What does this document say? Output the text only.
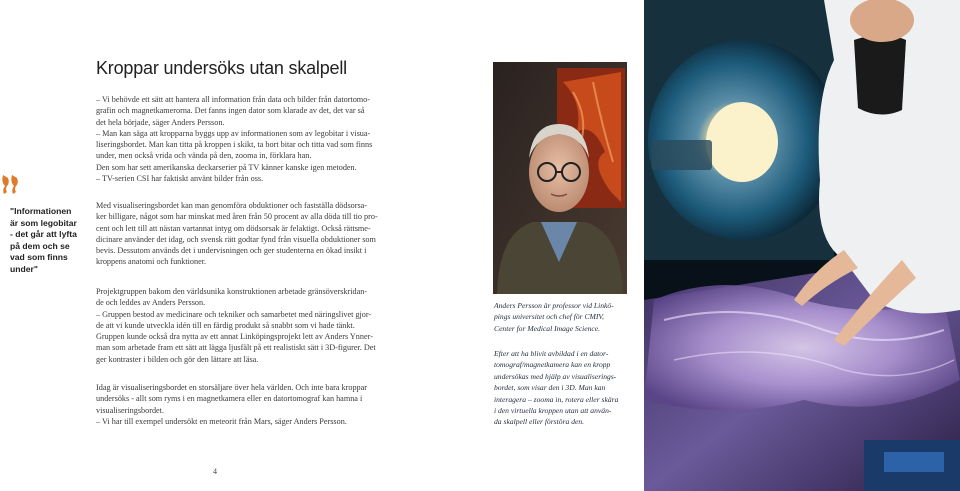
Kroppar undersöks utan skalpell

– Vi behövde ett sätt att hantera all information från data och bilder från datortomo-

grafin och magnetkamerorna. Det fanns ingen dator som klarade av det, det var så

det hela började, säger Anders Persson.

– Man kan säga att kropparna byggs upp av informationen som av legobitar i visua-

liseringsbordet. Man kan titta på kroppen i skikt, ta bort bitar och titta vad som finns

under, men också vrida och vända på den, zooma in, förklara han.

Den som har sett amerikanska deckarserier på TV känner kanske igen metoden.

– TV-serien CSI har faktiskt använt bilder från oss.

"Informationen är som legobitar - det går att lyfta på dem och se vad som finns under"

Med visualiseringsbordet kan man genomföra obduktioner och fastställa dödsorsa-

ker billigare, något som har minskat med åren från 50 procent av alla döda till tio pro-

cent och lett till att nästan vartannat intyg om dödsorsak är felaktigt. Också rättsme-

dicinare använder det idag, och svensk rätt godtar fynd från visuella obduktioner som

bevis. Dessutom används det i undervisningen och ger studenterna en ökad insikt i

kroppens anatomi och funktioner.

Projektgruppen bakom den världsunika konstruktionen arbetade gränsöverskridan-

de och leddes av Anders Persson.

– Gruppen bestod av medicinare och tekniker och samarbetet med näringslivet gjor-

de att vi kunde utveckla idén till en färdig produkt så snabbt som vi hade tänkt.

Gruppen kunde också dra nytta av ett annat Linköpingsprojekt lett av Anders Ynner-

man som arbetade fram ett sätt att lägga ljusfält på ett realistiskt sätt i 3D-figurer. Det

ger kontraster i bilden och gör den lättare att läsa.

Idag är visualiseringsbordet en storsäljare över hela världen. Och inte bara kroppar

undersöks - allt som ryms i en magnetkamera eller en datortomograf kan hamna i

visualiseringsbordet.

– Vi har till exempel undersökt en meteorit från Mars, säger Anders Persson.

4
Anders Persson är professor vid Linkö-
pings universitet och chef för CMIV,
Center for Medical Image Science.
Efter att ha blivit avbildad i en dator-
tomograf/magnetkamera kan en kropp
undersökas med hjälp av visualiserings-
bordet, som visar den i 3D. Man kan
interagera – zooma in, rotera eller skära
i den virtuella kroppen utan att använ-
da skalpell eller förstöra den.
